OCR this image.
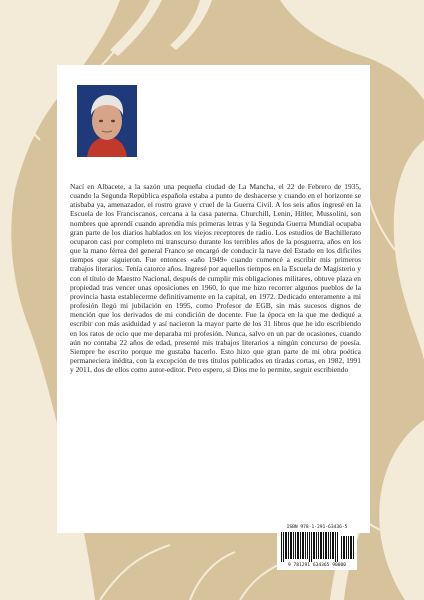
Nací en Albacete, a la sazón una pequeña ciudad de La Mancha, el 22 de Febrero de 1935, cuando la Segunda República española estaba a punto de deshacerse y cuando en el horizonte se atisbaba ya, amenazador, el rostro grave y cruel de la Guerra Civil. A los seis años ingresé en la Escuela de los Franciscanos, cercana a la casa paterna. Churchill, Lenin, Hitler, Mussolini, son nombres que aprendí cuando aprendía mis primeras letras y la Segunda Guerra Mundial ocupaba gran parte de los diarios hablados en los viejos receptores de radio. Los estudios de Bachillerato ocuparon casi por completo mi transcurso durante los terribles años de la posguerra, años en los que la mano férrea del general Franco se encargó de conducir la nave del Estado en los difíciles tiempos que siguieron. Fue entonces «año 1949» cuando comencé a escribir mis primeros trabajos literarios. Tenía catorce años. Ingresé por aquellos tiempos en la Escuela de Magisterio y con el título de Maestro Nacional, después de cumplir mis obligaciones militares, obtuve plaza en propiedad tras vencer unas oposiciones en 1960, lo que me hizo recorrer algunos pueblos de la provincia hasta establecerme definitivamente en la capital, en 1972. Dedicado enteramente a mi profesión llegó mi jubilación en 1995, como Profesor de EGB, sin más sucesos dignos de mención que los derivados de mi condición de docente. Fue la época en la que me dediqué a escribir con más asiduidad y así nacieron la mayor parte de los 31 libros que he ido escribiendo en los ratos de ocio que me deparaba mi profesión. Nunca, salvo en un par de ocasiones, cuando aún no contaba 22 años de edad, presenté mis trabajos literarios a ningún concurso de poesía. Siempre he escrito porque me gustaba hacerlo. Esto hizo que gran parte de mi obra poética permaneciera inédita, con la excepción de tres títulos publicados en tiradas cortas, en 1982, 1991 y 2011, dos de ellos como autor-editor. Pero espero, si Dios me lo permite, seguir escribiendo

ISBN 978-1-291-63436-5
9 781291 634365 90000
